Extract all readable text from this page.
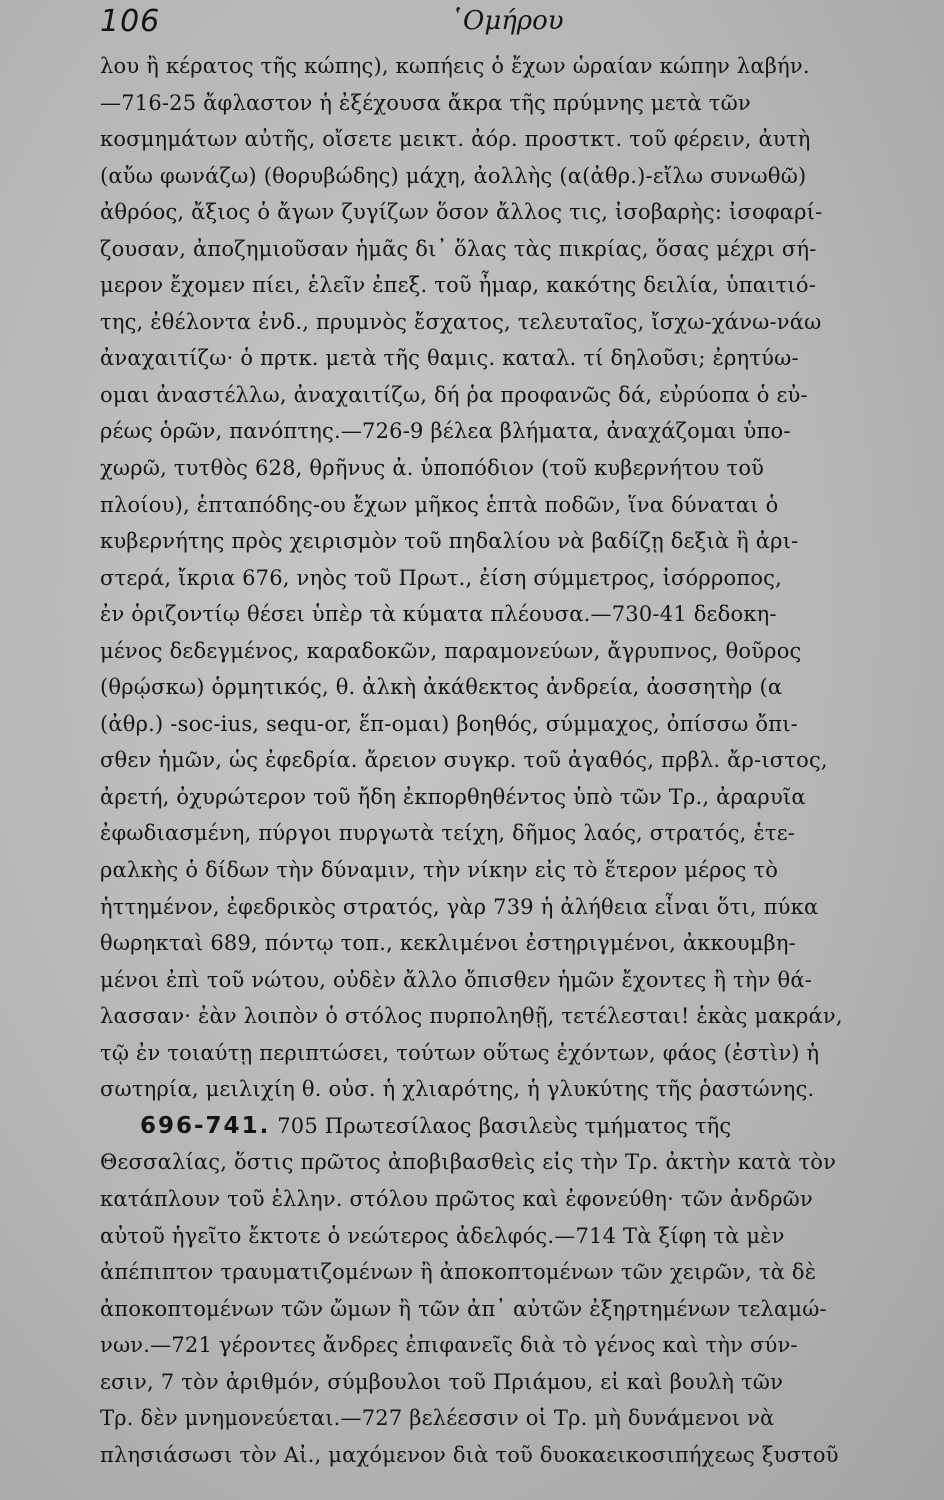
106	῾Ομήρου

λου ἢ κέρατος τῆς κώπης), κωπήεις ὁ ἔχων ὡραίαν κώπην λαβήν.

—716-25 ἄφλαστον ἡ ἐξέχουσα ἄκρα τῆς πρύμνης μετὰ τῶν

κοσμημάτων αὐτῆς, οἴσετε μεικτ. ἀόρ. προστκτ. τοῦ φέρειν, ἀυτὴ

(αὔω φωνάζω) (θορυβώδης) μάχη, ἀολλὴς (α(ἀθρ.)-εἴλω συνωθῶ)

ἀθρόος, ἄξιος ὁ ἄγων ζυγίζων ὅσον ἄλλος τις, ἰσοβαρὴς: ἰσοφαρί-

ζουσαν, ἀποζημιοῦσαν ἡμᾶς δι᾽ ὅλας τὰς πικρίας, ὅσας μέχρι σή-

μερον ἔχομεν πίει, ἑλεῖν ἐπεξ. τοῦ ἦμαρ, κακότης δειλία, ὑπαιτιό-

της, ἐθέλοντα ἐνδ., πρυμνὸς ἔσχατος, τελευταῖος, ἴσχω-χάνω-νάω

ἀναχαιτίζω· ὁ πρτκ. μετὰ τῆς θαμις. καταλ. τί δηλοῦσι; ἐρητύω-

ομαι ἀναστέλλω, ἀναχαιτίζω, δή ῥα προφανῶς δά, εὐρύοπα ὁ εὐ-

ρέως ὁρῶν, πανόπτης.—726-9 βέλεα βλήματα, ἀναχάζομαι ὑπο-

χωρῶ, τυτθὸς 628, θρῆνυς ἀ. ὑποπόδιον (τοῦ κυβερνήτου τοῦ

πλοίου), ἑπταπόδης-ου ἔχων μῆκος ἑπτὰ ποδῶν, ἵνα δύναται ὁ

κυβερνήτης πρὸς χειρισμὸν τοῦ πηδαλίου νὰ βαδίζῃ δεξιὰ ἢ ἀρι-

στερά, ἴκρια 676, νηὸς τοῦ Πρωτ., ἐίση σύμμετρος, ἰσόρροπος,

ἐν ὁριζοντίῳ θέσει ὑπὲρ τὰ κύματα πλέουσα.—730-41 δεδοκη-

μένος δεδεγμένος, καραδοκῶν, παραμονεύων, ἄγρυπνος, θοῦρος

(θρῴσκω) ὁρμητικός, θ. ἀλκὴ ἀκάθεκτος ἀνδρεία, ἀοσσητὴρ (α

(ἀθρ.) -soc-ius, sequ-or, ἕπ-ομαι) βοηθός, σύμμαχος, ὀπίσσω ὄπι-

σθεν ἡμῶν, ὡς ἐφεδρία. ἄρειον συγκρ. τοῦ ἀγαθός, πρβλ. ἄρ-ιστος,

ἀρετή, ὀχυρώτερον τοῦ ἤδη ἐκπορθηθέντος ὑπὸ τῶν Τρ., ἀραρυῖα

ἐφωδιασμένη, πύργοι πυργωτὰ τείχη, δῆμος λαός, στρατός, ἑτε-

ραλκὴς ὁ δίδων τὴν δύναμιν, τὴν νίκην εἰς τὸ ἕτερον μέρος τὸ

ἡττημένον, ἐφεδρικὸς στρατός, γὰρ 739 ἡ ἀλήθεια εἶναι ὅτι, πύκα

θωρηκταὶ 689, πόντῳ τοπ., κεκλιμένοι ἐστηριγμένοι, ἀκκουμβη-

μένοι ἐπὶ τοῦ νώτου, οὐδὲν ἄλλο ὄπισθεν ἡμῶν ἔχοντες ἢ τὴν θά-

λασσαν· ἐὰν λοιπὸν ὁ στόλος πυρποληθῇ, τετέλεσται! ἑκὰς μακράν,

τῷ ἐν τοιαύτῃ περιπτώσει, τούτων οὕτως ἐχόντων, φάος (ἐστὶν) ἡ

σωτηρία, μειλιχίη θ. οὐσ. ἡ χλιαρότης, ἡ γλυκύτης τῆς ῥαστώνης.

696-741. 705 Πρωτεσίλαος βασιλεὺς τμήματος τῆς

Θεσσαλίας, ὅστις πρῶτος ἀποβιβασθεὶς εἰς τὴν Τρ. ἀκτὴν κατὰ τὸν

κατάπλουν τοῦ ἑλλην. στόλου πρῶτος καὶ ἐφονεύθη· τῶν ἀνδρῶν

αὐτοῦ ἡγεῖτο ἔκτοτε ὁ νεώτερος ἀδελφός.—714 Τὰ ξίφη τὰ μὲν

ἀπέπιπτον τραυματιζομένων ἢ ἀποκοπτομένων τῶν χειρῶν, τὰ δὲ

ἀποκοπτομένων τῶν ὤμων ἢ τῶν ἀπ᾽ αὐτῶν ἐξηρτημένων τελαμώ-

νων.—721 γέροντες ἄνδρες ἐπιφανεῖς διὰ τὸ γένος καὶ τὴν σύν-

εσιν, 7 τὸν ἀριθμόν, σύμβουλοι τοῦ Πριάμου, εἰ καὶ βουλὴ τῶν

Τρ. δὲν μνημονεύεται.—727 βελέεσσιν οἱ Τρ. μὴ δυνάμενοι νὰ

πλησιάσωσι τὸν Αἰ., μαχόμενον διὰ τοῦ δυοκαεικοσιπήχεως ξυστοῦ
